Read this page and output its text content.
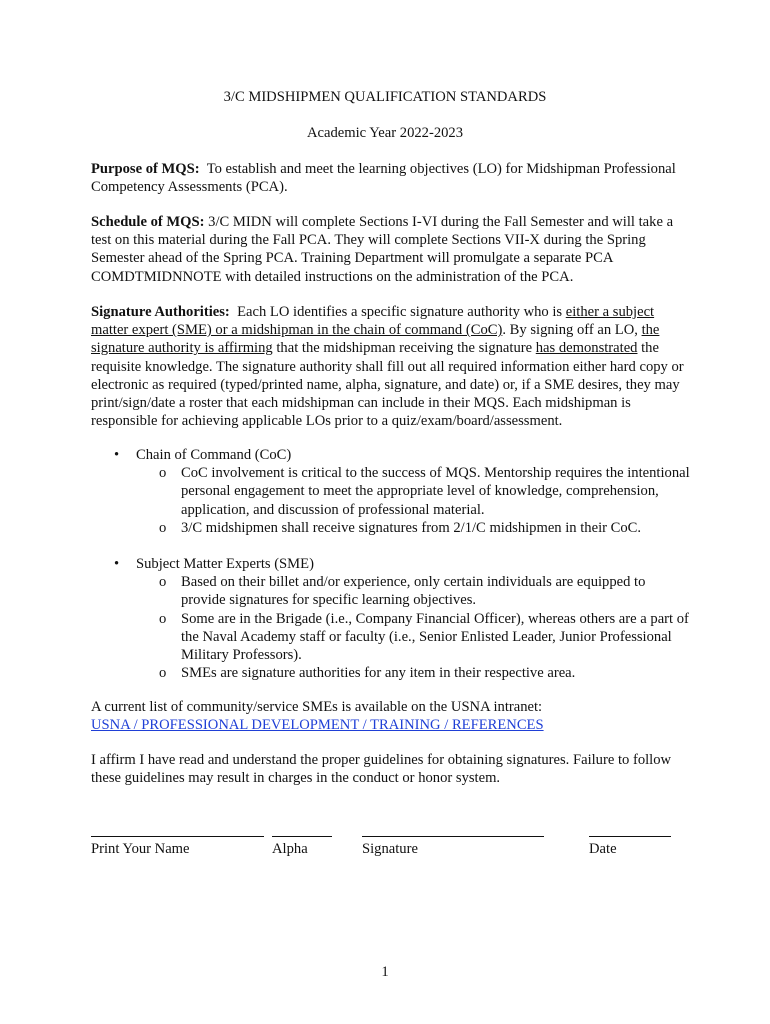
3/C MIDSHIPMEN QUALIFICATION STANDARDS
Academic Year 2022-2023

Purpose of MQS: To establish and meet the learning objectives (LO) for Midshipman Professional Competency Assessments (PCA).

Schedule of MQS: 3/C MIDN will complete Sections I-VI during the Fall Semester and will take a test on this material during the Fall PCA. They will complete Sections VII-X during the Spring Semester ahead of the Spring PCA. Training Department will promulgate a separate PCA COMDTMIDNNOTE with detailed instructions on the administration of the PCA.

Signature Authorities: Each LO identifies a specific signature authority who is either a subject matter expert (SME) or a midshipman in the chain of command (CoC). By signing off an LO, the signature authority is affirming that the midshipman receiving the signature has demonstrated the requisite knowledge. The signature authority shall fill out all required information either hard copy or electronic as required (typed/printed name, alpha, signature, and date) or, if a SME desires, they may print/sign/date a roster that each midshipman can include in their MQS. Each midshipman is responsible for achieving applicable LOs prior to a quiz/exam/board/assessment.

• Chain of Command (CoC)
o CoC involvement is critical to the success of MQS. Mentorship requires the intentional personal engagement to meet the appropriate level of knowledge, comprehension, application, and discussion of professional material.
o 3/C midshipmen shall receive signatures from 2/1/C midshipmen in their CoC.
• Subject Matter Experts (SME)
o Based on their billet and/or experience, only certain individuals are equipped to provide signatures for specific learning objectives.
o Some are in the Brigade (i.e., Company Financial Officer), whereas others are a part of the Naval Academy staff or faculty (i.e., Senior Enlisted Leader, Junior Professional Military Professors).
o SMEs are signature authorities for any item in their respective area.

A current list of community/service SMEs is available on the USNA intranet:
USNA / PROFESSIONAL DEVELOPMENT / TRAINING / REFERENCES

I affirm I have read and understand the proper guidelines for obtaining signatures. Failure to follow these guidelines may result in charges in the conduct or honor system.

Print Your Name	Alpha	Signature	Date
1
